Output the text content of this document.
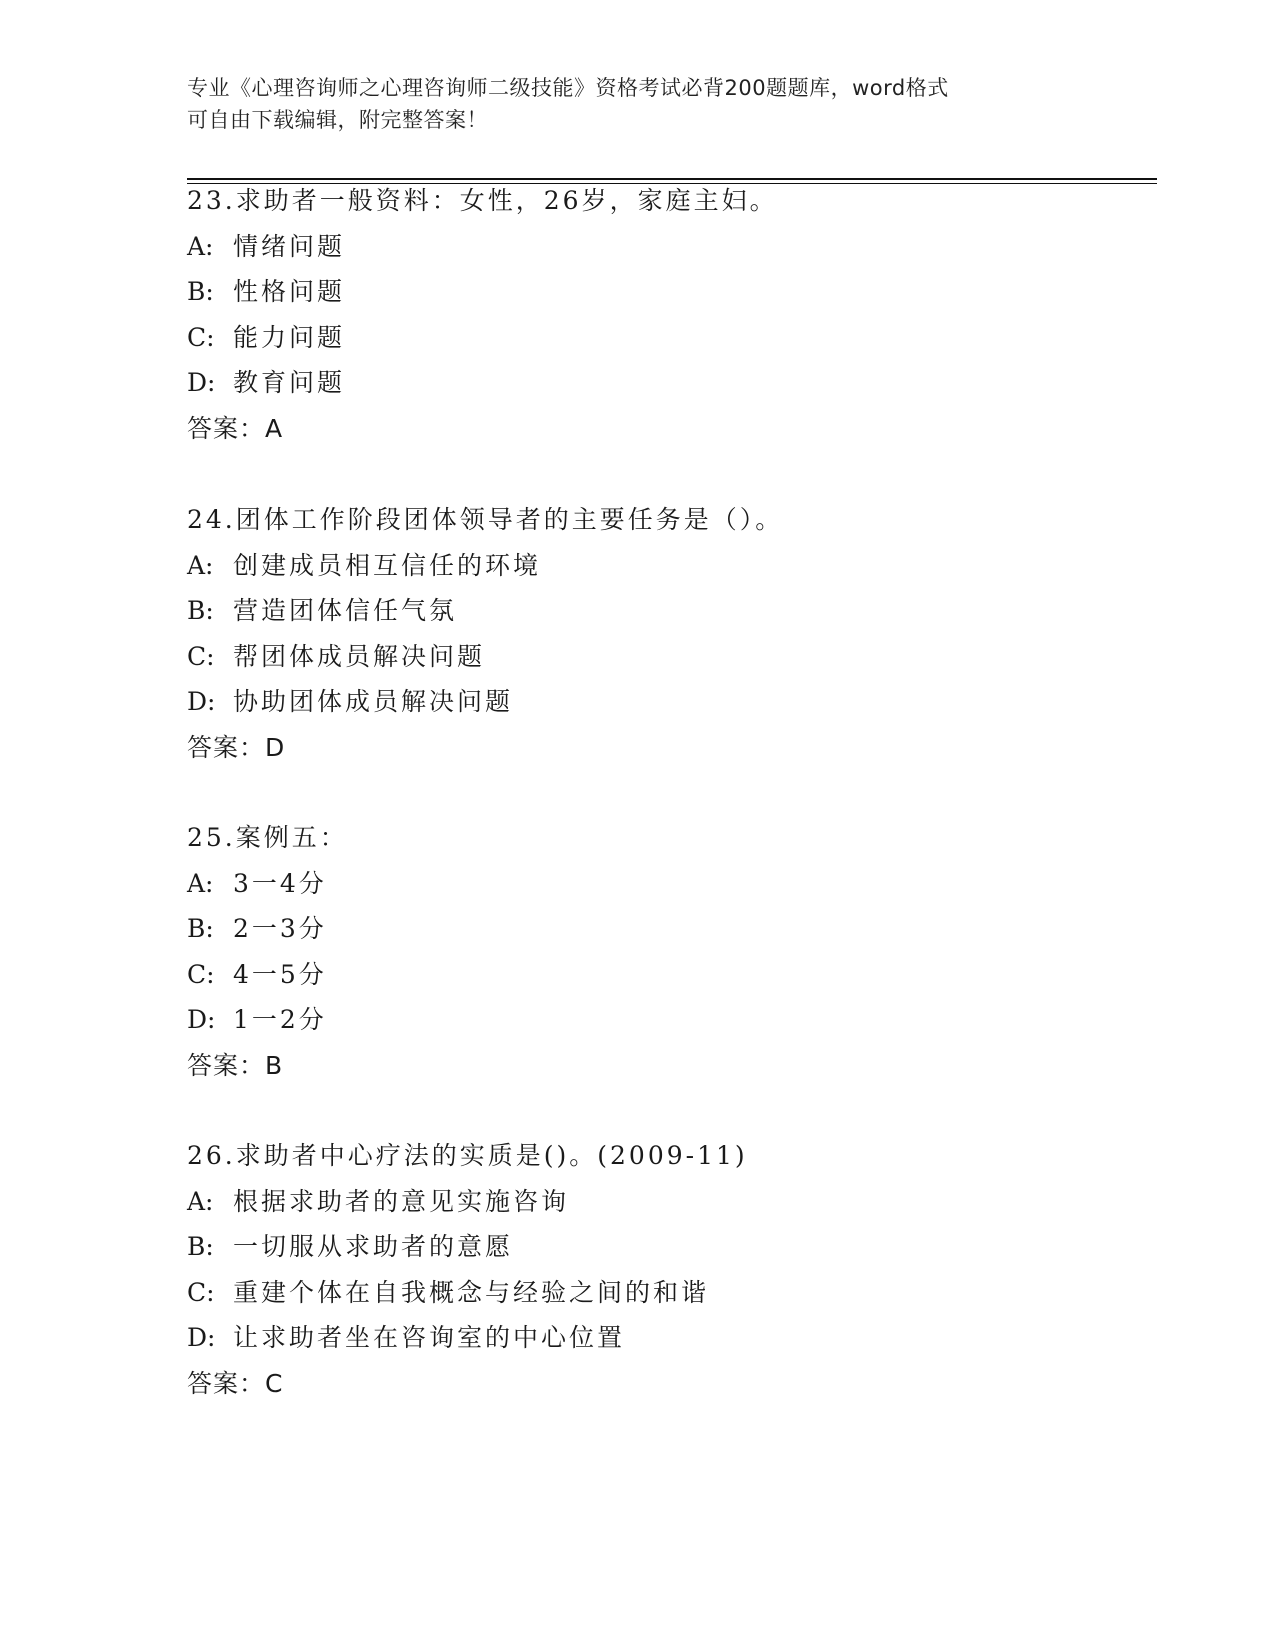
专业《心理咨询师之心理咨询师二级技能》资格考试必背200题题库，word格式
可自由下载编辑，附完整答案！
23.求助者一般资料：女性，26岁，家庭主妇。
A: 情绪问题
B: 性格问题
C: 能力问题
D: 教育问题
答案：A
24.团体工作阶段团体领导者的主要任务是（）。
A: 创建成员相互信任的环境
B: 营造团体信任气氛
C: 帮团体成员解决问题
D: 协助团体成员解决问题
答案：D
25.案例五：
A: 3一4分
B: 2一3分
C: 4一5分
D: 1一2分
答案：B
26.求助者中心疗法的实质是()。(2009-11)
A: 根据求助者的意见实施咨询
B: 一切服从求助者的意愿
C: 重建个体在自我概念与经验之间的和谐
D: 让求助者坐在咨询室的中心位置
答案：C
